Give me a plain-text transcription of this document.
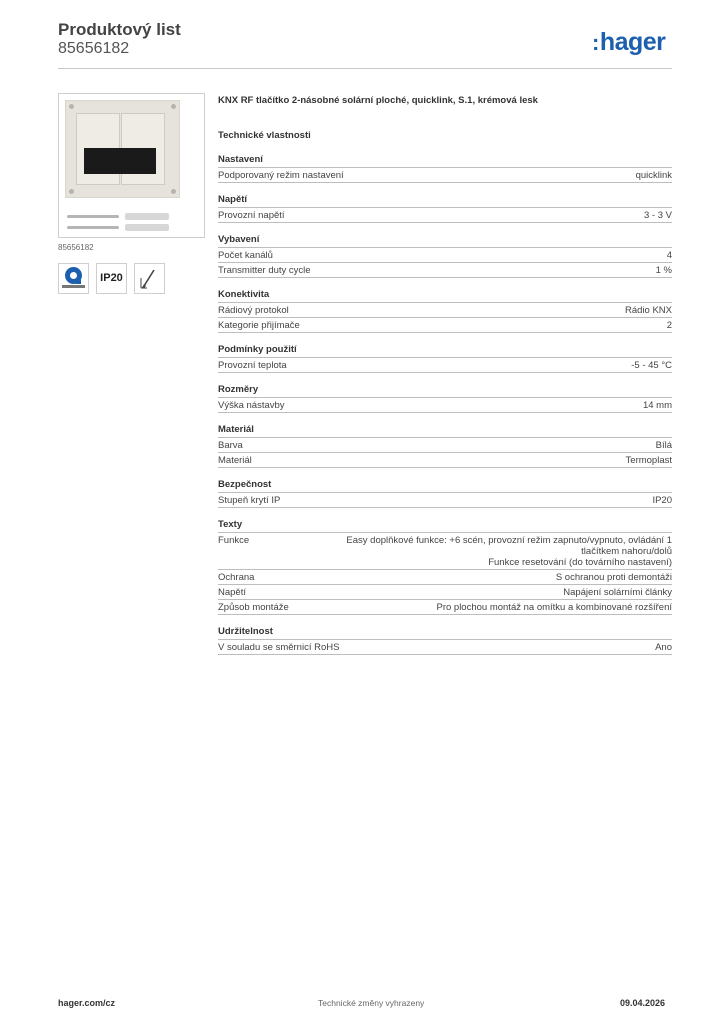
Produktový list
85656182	:hager
85656182
IP20
KNX RF tlačítko 2-násobné solární ploché, quicklink, S.1, krémová lesk
Technické vlastnosti
Nastavení
Podporovaný režim nastavení	quicklink
Napětí
Provozní napětí	3 - 3 V
Vybavení
Počet kanálů	4
Transmitter duty cycle	1 %
Konektivita
Rádiový protokol	Rádio KNX
Kategorie přijímače	2
Podmínky použití
Provozní teplota	-5 - 45 °C
Rozměry
Výška nástavby	14 mm
Materiál
Barva	Bílá
Materiál	Termoplast
Bezpečnost
Stupeň krytí IP	IP20
Texty
Funkce	Easy doplňkové funkce: +6 scén, provozní režim zapnuto/vypnuto, ovládání 1 tlačítkem nahoru/dolů
Funkce resetování (do továrního nastavení)
Ochrana	S ochranou proti demontáži
Napětí	Napájení solárními články
Způsob montáže	Pro plochou montáž na omítku a kombinované rozšíření
Udržitelnost
V souladu se směrnicí RoHS	Ano
hager.com/cz	Technické změny vyhrazeny	09.04.2026
